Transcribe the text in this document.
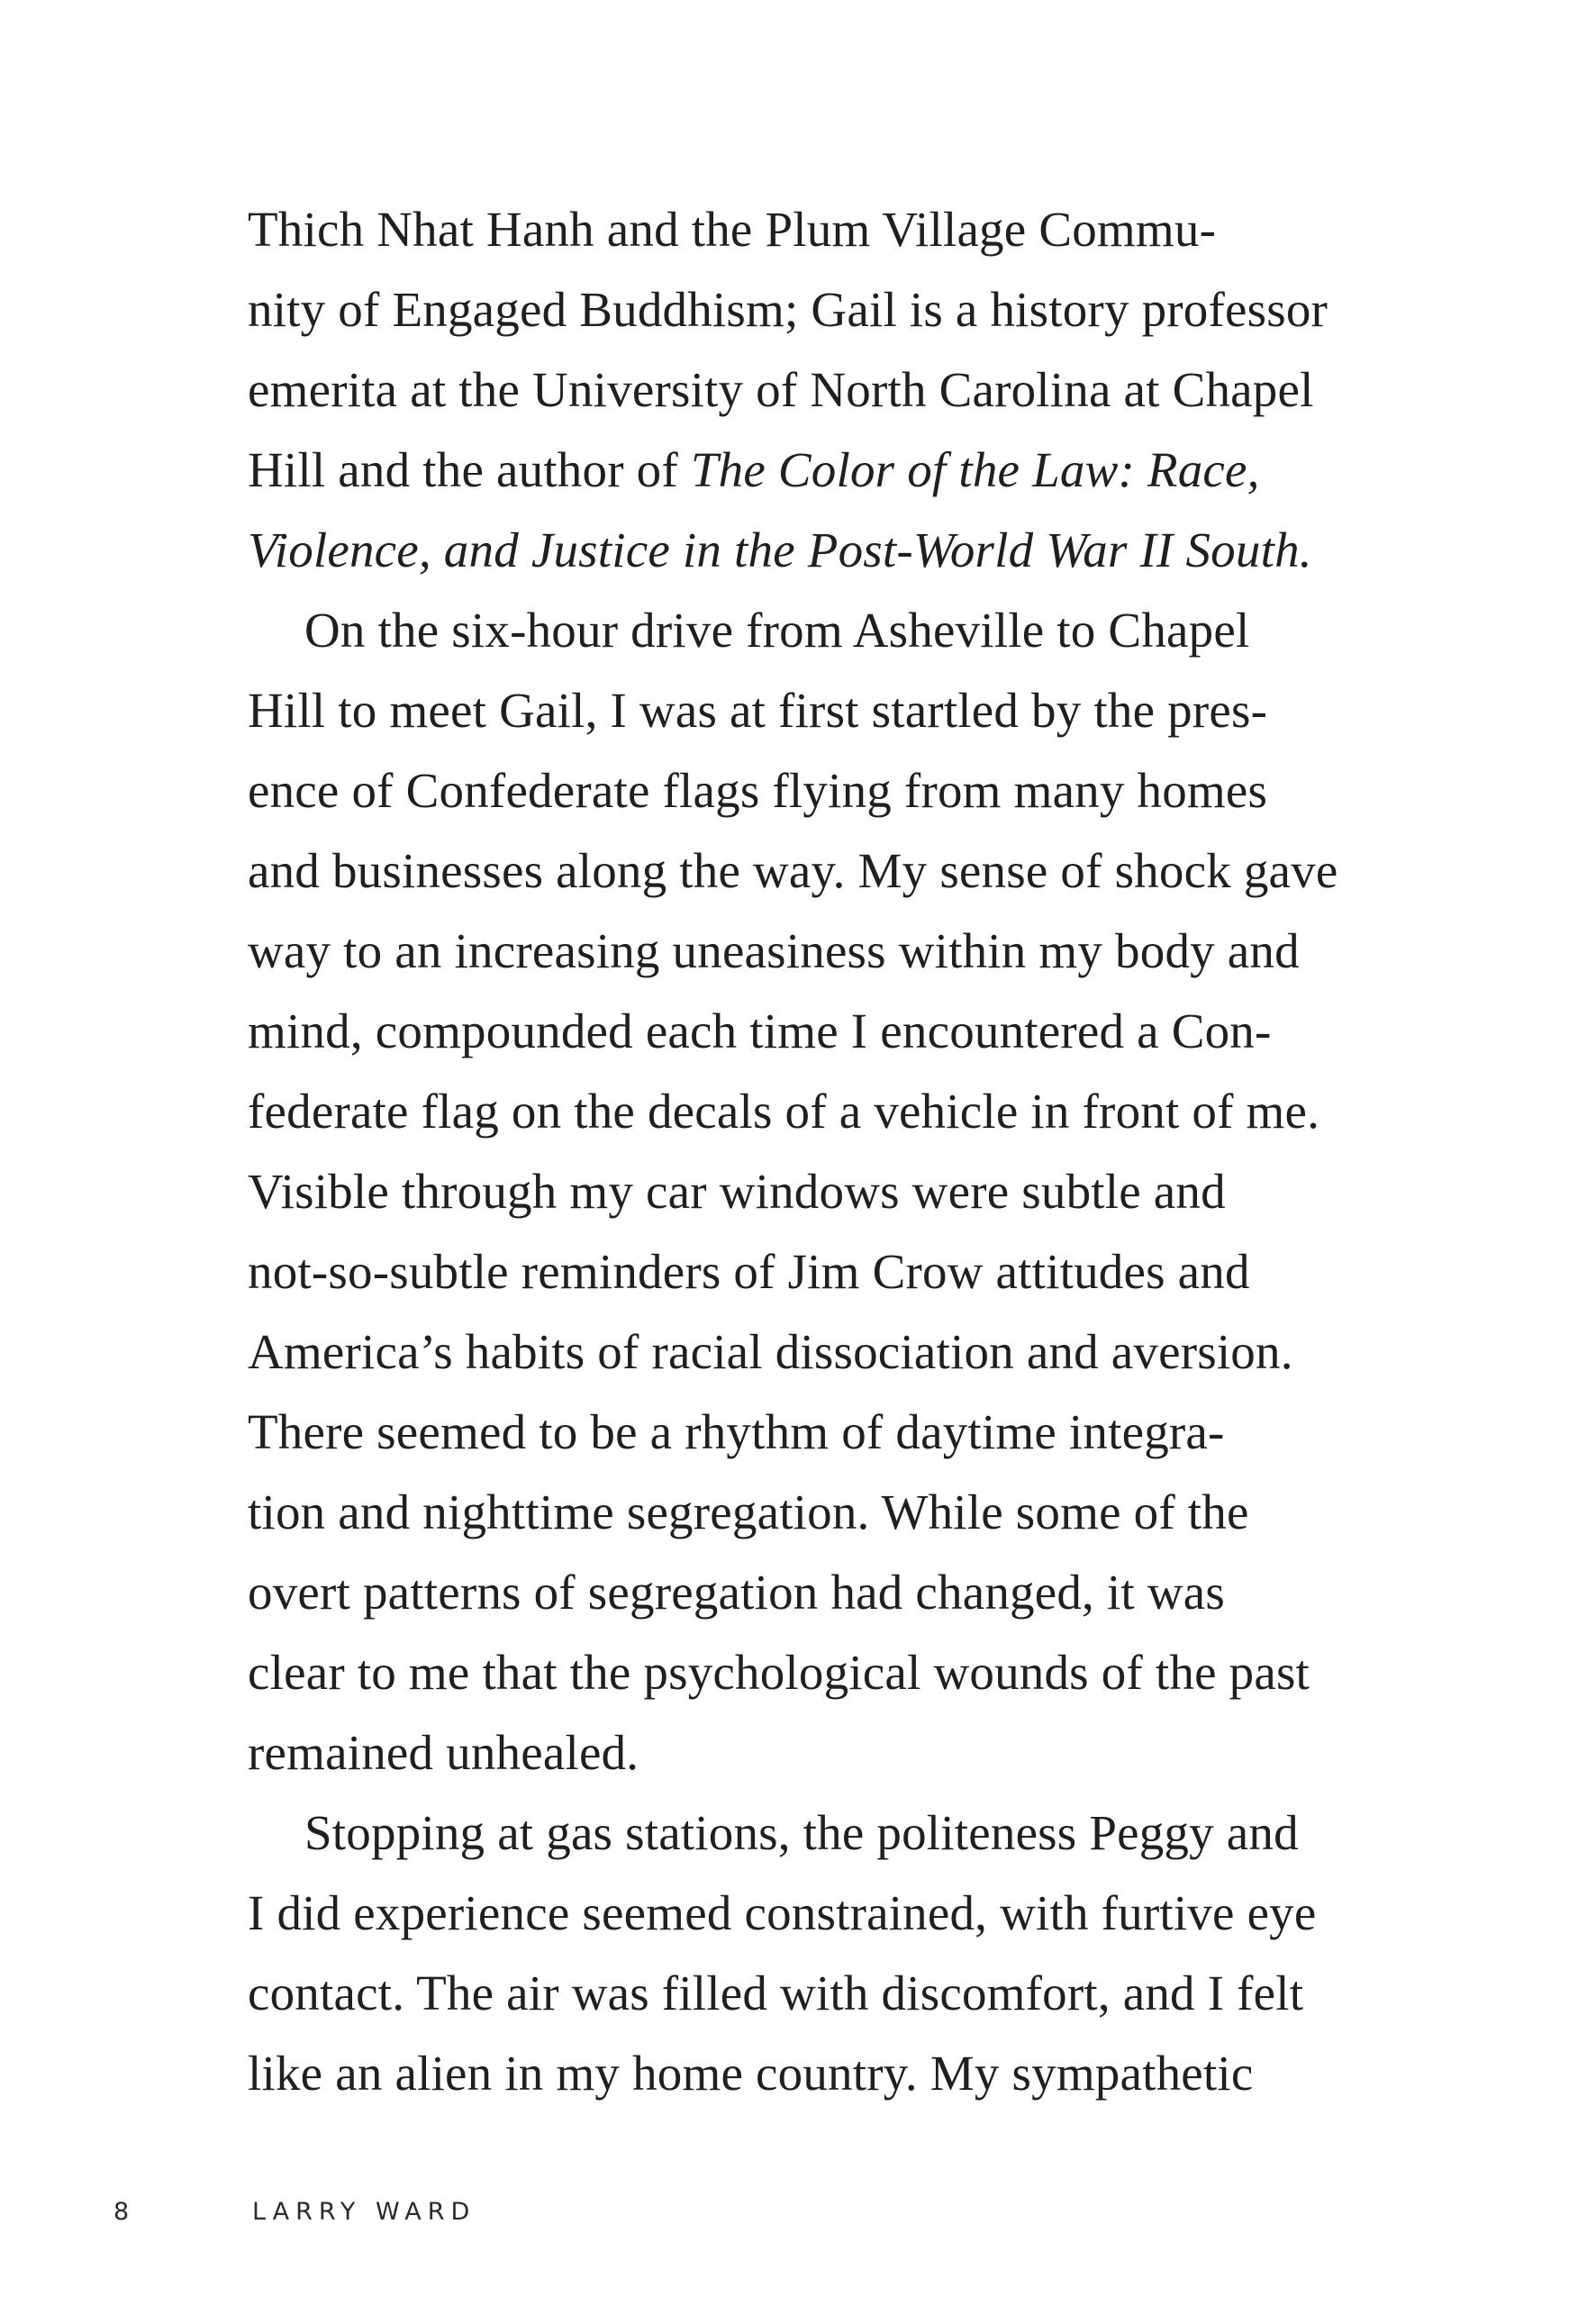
Thich Nhat Hanh and the Plum Village Commu-
nity of Engaged Buddhism; Gail is a history professor
emerita at the University of North Carolina at Chapel
Hill and the author of The Color of the Law: Race,
Violence, and Justice in the Post-World War II South.
On the six-hour drive from Asheville to Chapel
Hill to meet Gail, I was at first startled by the pres-
ence of Confederate flags flying from many homes
and businesses along the way. My sense of shock gave
way to an increasing uneasiness within my body and
mind, compounded each time I encountered a Con-
federate flag on the decals of a vehicle in front of me.
Visible through my car windows were subtle and
not-so-subtle reminders of Jim Crow attitudes and
America’s habits of racial dissociation and aversion.
There seemed to be a rhythm of daytime integra-
tion and nighttime segregation. While some of the
overt patterns of segregation had changed, it was
clear to me that the psychological wounds of the past
remained unhealed.
Stopping at gas stations, the politeness Peggy and
I did experience seemed constrained, with furtive eye
contact. The air was filled with discomfort, and I felt
like an alien in my home country. My sympathetic
8	LARRY WARD
